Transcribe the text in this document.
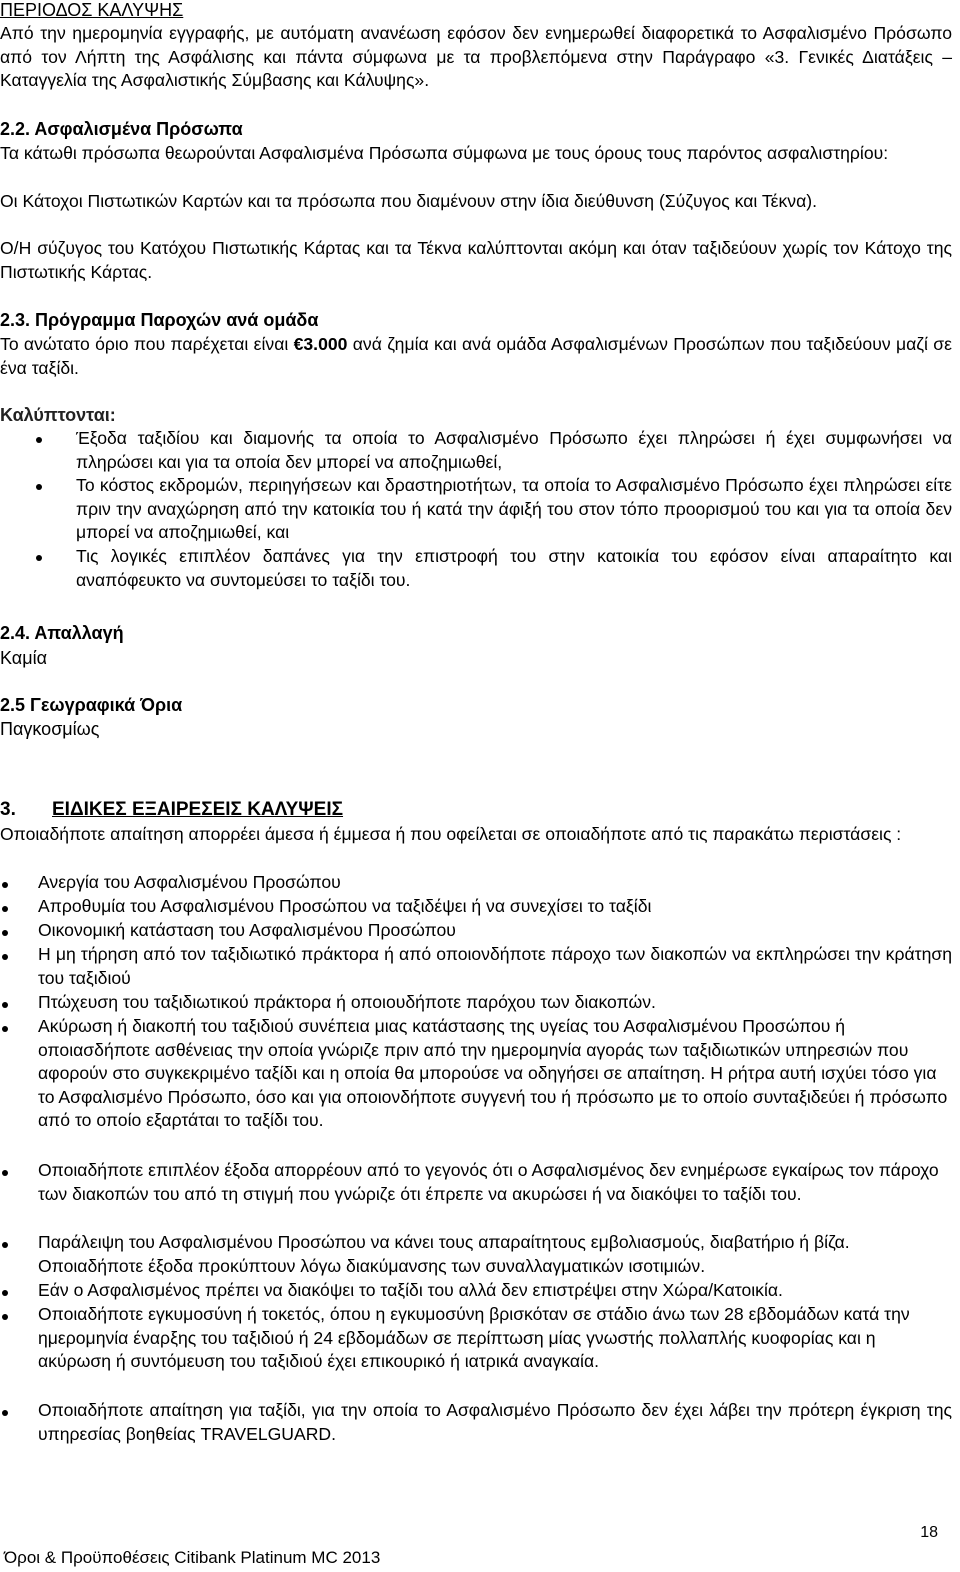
ΠΕΡΙΟΔΟΣ ΚΑΛΥΨΗΣ
Από την ημερομηνία εγγραφής, με αυτόματη ανανέωση εφόσον δεν ενημερωθεί διαφορετικά το Ασφαλισμένο Πρόσωπο από τον Λήπτη της Ασφάλισης και πάντα σύμφωνα με τα προβλεπόμενα στην Παράγραφο «3. Γενικές Διατάξεις – Καταγγελία της Ασφαλιστικής Σύμβασης και Κάλυψης».
2.2. Ασφαλισμένα Πρόσωπα
Τα κάτωθι πρόσωπα θεωρούνται Ασφαλισμένα Πρόσωπα σύμφωνα με τους όρους τους παρόντος ασφαλιστηρίου:
Οι Κάτοχοι Πιστωτικών Καρτών και τα πρόσωπα που διαμένουν στην ίδια διεύθυνση (Σύζυγος και Τέκνα).
Ο/Η σύζυγος του Κατόχου Πιστωτικής Κάρτας και τα Τέκνα καλύπτονται ακόμη και όταν ταξιδεύουν χωρίς τον Κάτοχο της Πιστωτικής Κάρτας.
2.3. Πρόγραμμα Παροχών ανά ομάδα
Το ανώτατο όριο που παρέχεται είναι €3.000 ανά ζημία και ανά ομάδα Ασφαλισμένων Προσώπων που ταξιδεύουν μαζί σε ένα ταξίδι.
Καλύπτονται:
Έξοδα ταξιδίου και διαμονής τα οποία το Ασφαλισμένο Πρόσωπο έχει πληρώσει ή έχει συμφωνήσει να πληρώσει και για τα οποία δεν μπορεί να αποζημιωθεί,
Το κόστος εκδρομών, περιηγήσεων και δραστηριοτήτων, τα οποία το Ασφαλισμένο Πρόσωπο έχει πληρώσει είτε πριν την αναχώρηση από την κατοικία του ή κατά την άφιξή του στον τόπο προορισμού του και για τα οποία δεν μπορεί να αποζημιωθεί, και
Τις λογικές επιπλέον δαπάνες για την επιστροφή του στην κατοικία του εφόσον είναι απαραίτητο και αναπόφευκτο να συντομεύσει το ταξίδι του.
2.4. Απαλλαγή
Καμία
2.5 Γεωγραφικά Όρια
Παγκοσμίως
3. ΕΙΔΙΚΕΣ ΕΞΑΙΡΕΣΕΙΣ ΚΑΛΥΨΕΙΣ
Οποιαδήποτε απαίτηση απορρέει άμεσα ή έμμεσα ή που οφείλεται σε οποιαδήποτε από τις παρακάτω περιστάσεις :
Ανεργία του Ασφαλισμένου Προσώπου
Απροθυμία του Ασφαλισμένου Προσώπου να ταξιδέψει ή να συνεχίσει το ταξίδι
Οικονομική κατάσταση του Ασφαλισμένου Προσώπου
Η μη τήρηση από τον ταξιδιωτικό πράκτορα ή από οποιονδήποτε πάροχο των διακοπών να εκπληρώσει την κράτηση του ταξιδιού
Πτώχευση του ταξιδιωτικού πράκτορα ή οποιουδήποτε παρόχου των διακοπών.
Ακύρωση ή διακοπή του ταξιδιού συνέπεια μιας κατάστασης της υγείας του Ασφαλισμένου Προσώπου ή οποιασδήποτε ασθένειας την οποία γνώριζε πριν από την ημερομηνία αγοράς των ταξιδιωτικών υπηρεσιών που αφορούν στο συγκεκριμένο ταξίδι και η οποία θα μπορούσε να οδηγήσει σε απαίτηση. Η ρήτρα αυτή ισχύει τόσο για το Ασφαλισμένο Πρόσωπο, όσο και για οποιονδήποτε συγγενή του ή πρόσωπο με το οποίο συνταξιδεύει ή πρόσωπο από το οποίο εξαρτάται το ταξίδι του.
Οποιαδήποτε επιπλέον έξοδα απορρέουν από το γεγονός ότι ο Ασφαλισμένος δεν ενημέρωσε εγκαίρως τον πάροχο των διακοπών του από τη στιγμή που γνώριζε ότι έπρεπε να ακυρώσει ή να διακόψει το ταξίδι του.
Παράλειψη του Ασφαλισμένου Προσώπου να κάνει τους απαραίτητους εμβολιασμούς, διαβατήριο ή βίζα. Οποιαδήποτε έξοδα προκύπτουν λόγω διακύμανσης των συναλλαγματικών ισοτιμιών.
Εάν ο Ασφαλισμένος πρέπει να διακόψει το ταξίδι του αλλά δεν επιστρέψει στην Χώρα/Κατοικία.
Οποιαδήποτε εγκυμοσύνη ή τοκετός, όπου η εγκυμοσύνη βρισκόταν σε στάδιο άνω των 28 εβδομάδων κατά την ημερομηνία έναρξης του ταξιδιού ή 24 εβδομάδων σε περίπτωση μίας γνωστής πολλαπλής κυοφορίας και η ακύρωση ή συντόμευση του ταξιδιού έχει επικουρικό ή ιατρικά αναγκαία.
Οποιαδήποτε απαίτηση για ταξίδι, για την οποία το Ασφαλισμένο Πρόσωπο δεν έχει λάβει την πρότερη έγκριση της υπηρεσίας βοηθείας TRAVELGUARD.
18
Όροι & Προϋποθέσεις Citibank Platinum MC 2013
